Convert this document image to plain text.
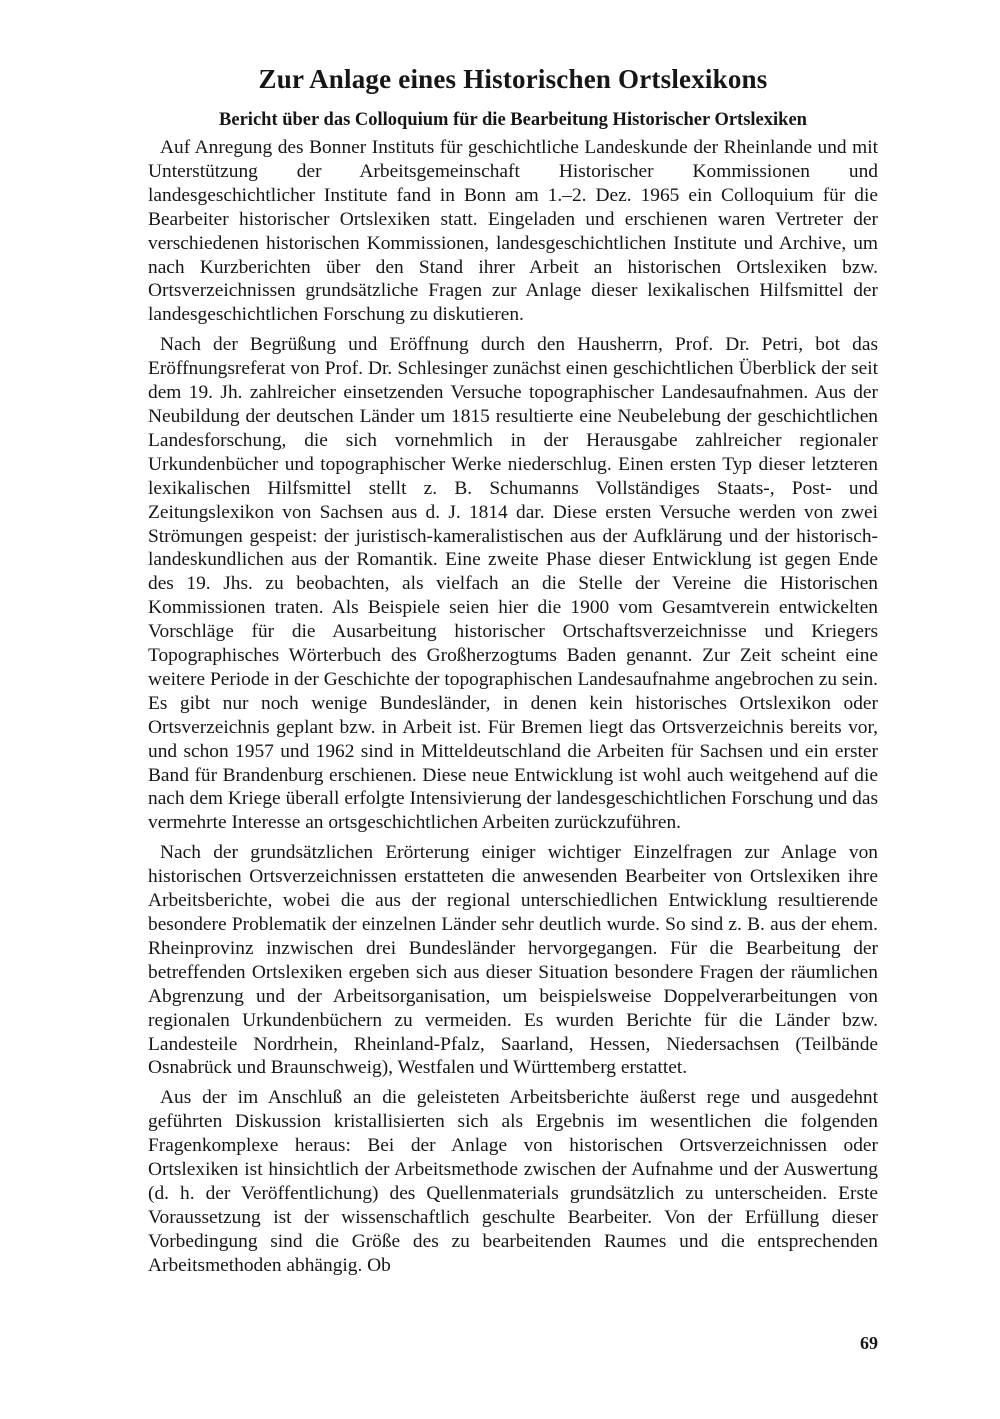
Zur Anlage eines Historischen Ortslexikons
Bericht über das Colloquium für die Bearbeitung Historischer Ortslexiken

Auf Anregung des Bonner Instituts für geschichtliche Landeskunde der Rheinlande und mit Unterstützung der Arbeitsgemeinschaft Historischer Kommissionen und landesgeschichtlicher Institute fand in Bonn am 1.–2. Dez. 1965 ein Colloquium für die Bearbeiter historischer Ortslexiken statt. Eingeladen und erschienen waren Vertreter der verschiedenen historischen Kommissionen, landesgeschichtlichen Institute und Archive, um nach Kurzberichten über den Stand ihrer Arbeit an historischen Ortslexiken bzw. Ortsverzeichnissen grundsätzliche Fragen zur Anlage dieser lexikalischen Hilfsmittel der landesgeschichtlichen Forschung zu diskutieren.

Nach der Begrüßung und Eröffnung durch den Hausherrn, Prof. Dr. Petri, bot das Eröffnungsreferat von Prof. Dr. Schlesinger zunächst einen geschichtlichen Überblick der seit dem 19. Jh. zahlreicher einsetzenden Versuche topographischer Landesaufnahmen. Aus der Neubildung der deutschen Länder um 1815 resultierte eine Neubelebung der geschichtlichen Landesforschung, die sich vornehmlich in der Herausgabe zahlreicher regionaler Urkundenbücher und topographischer Werke niederschlug. Einen ersten Typ dieser letzteren lexikalischen Hilfsmittel stellt z. B. Schumanns Vollständiges Staats-, Post- und Zeitungslexikon von Sachsen aus d. J. 1814 dar. Diese ersten Versuche werden von zwei Strömungen gespeist: der juristisch-kameralistischen aus der Aufklärung und der historisch-landeskundlichen aus der Romantik. Eine zweite Phase dieser Entwicklung ist gegen Ende des 19. Jhs. zu beobachten, als vielfach an die Stelle der Vereine die Historischen Kommissionen traten. Als Beispiele seien hier die 1900 vom Gesamtverein entwickelten Vorschläge für die Ausarbeitung historischer Ortschaftsverzeichnisse und Kriegers Topographisches Wörterbuch des Großherzogtums Baden genannt. Zur Zeit scheint eine weitere Periode in der Geschichte der topographischen Landesaufnahme angebrochen zu sein. Es gibt nur noch wenige Bundesländer, in denen kein historisches Ortslexikon oder Ortsverzeichnis geplant bzw. in Arbeit ist. Für Bremen liegt das Ortsverzeichnis bereits vor, und schon 1957 und 1962 sind in Mitteldeutschland die Arbeiten für Sachsen und ein erster Band für Brandenburg erschienen. Diese neue Entwicklung ist wohl auch weitgehend auf die nach dem Kriege überall erfolgte Intensivierung der landesgeschichtlichen Forschung und das vermehrte Interesse an ortsgeschichtlichen Arbeiten zurückzuführen.

Nach der grundsätzlichen Erörterung einiger wichtiger Einzelfragen zur Anlage von historischen Ortsverzeichnissen erstatteten die anwesenden Bearbeiter von Ortslexiken ihre Arbeitsberichte, wobei die aus der regional unterschiedlichen Entwicklung resultierende besondere Problematik der einzelnen Länder sehr deutlich wurde. So sind z. B. aus der ehem. Rheinprovinz inzwischen drei Bundesländer hervorgegangen. Für die Bearbeitung der betreffenden Ortslexiken ergeben sich aus dieser Situation besondere Fragen der räumlichen Abgrenzung und der Arbeitsorganisation, um beispielsweise Doppelverarbeitungen von regionalen Urkundenbüchern zu vermeiden. Es wurden Berichte für die Länder bzw. Landesteile Nordrhein, Rheinland-Pfalz, Saarland, Hessen, Niedersachsen (Teilbände Osnabrück und Braunschweig), Westfalen und Württemberg erstattet.

Aus der im Anschluß an die geleisteten Arbeitsberichte äußerst rege und ausgedehnt geführten Diskussion kristallisierten sich als Ergebnis im wesentlichen die folgenden Fragenkomplexe heraus: Bei der Anlage von historischen Ortsverzeichnissen oder Ortslexiken ist hinsichtlich der Arbeitsmethode zwischen der Aufnahme und der Auswertung (d. h. der Veröffentlichung) des Quellenmaterials grundsätzlich zu unterscheiden. Erste Voraussetzung ist der wissenschaftlich geschulte Bearbeiter. Von der Erfüllung dieser Vorbedingung sind die Größe des zu bearbeitenden Raumes und die entsprechenden Arbeitsmethoden abhängig. Ob

69
